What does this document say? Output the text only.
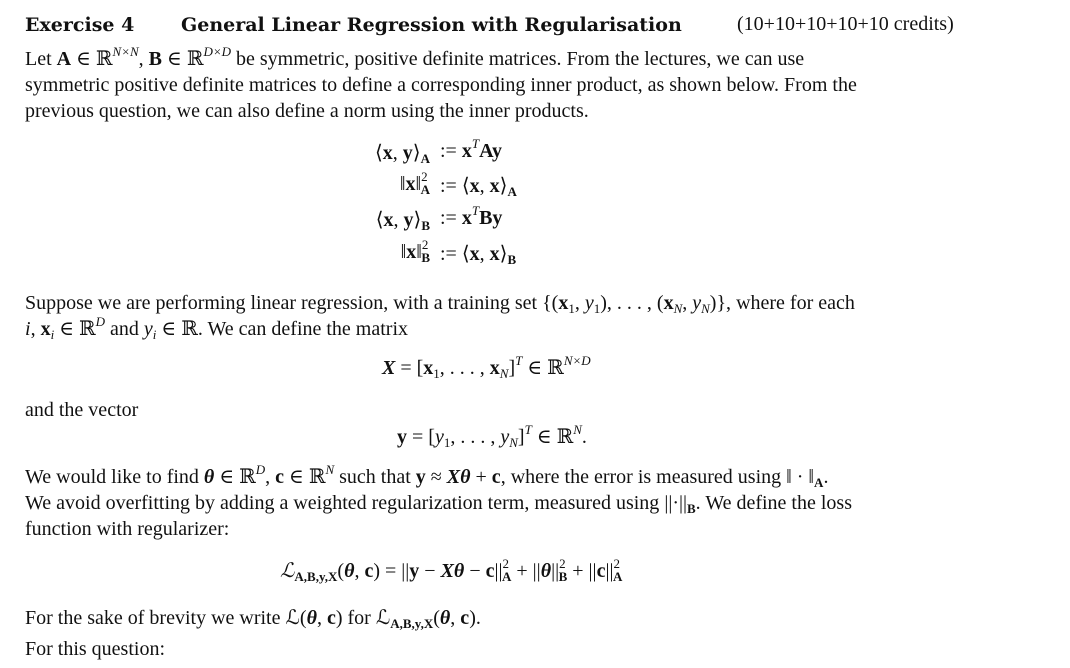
Exercise 4 General Linear Regression with Regularisation	(10+10+10+10+10 credits)
Let A ∈ ℝ$^{N\times N}$, B ∈ ℝ$^{D\times D}$ be symmetric, positive definite matrices. From the lectures, we can use
symmetric positive definite matrices to define a corresponding inner product, as shown below. From the
previous question, we can also define a norm using the inner products.
⟨x, $y⟩_A$ := $x^TAy$
‖x‖$^2_A$ := ⟨x, $x⟩_A$
⟨x, $y⟩_B$ := $x^TBy$
‖x‖$^2_B$ := ⟨x, $x⟩_B$
Suppose we are performing linear regression, with a training set {($x_1$, $y_1$), . . . , ($x_N$, $y_N$)}, where for each
i, $x_i$ ∈ ℝ$^D$ and $y_i$ ∈ ℝ. We can define the matrix
$X = [x_1$, . . . , $x_N]^T$ ∈ ℝ$^{N\times D}$
and the vector
$y = [y_1$, . . . , $y_N]^T$ ∈ ℝ$^N$.
We would like to find θ ∈ ℝ$^D$, c ∈ ℝ$^N$ such that y ≈ Xθ + c, where the error is measured using ‖ · $‖_A$.
We avoid overfitting by adding a weighted regularization term, measured using $||\cdot||_B$. We define the loss
function with regularizer:
ℒ$_{A,B,y,X}$(θ, $c) = ||y - X\theta - c||^2_A + ||\theta||^2_B + ||c||^2_A$
For the sake of brevity we write ℒ(θ, c) for ℒ$_{A,B,y,X}$(θ, c).
For this question:
